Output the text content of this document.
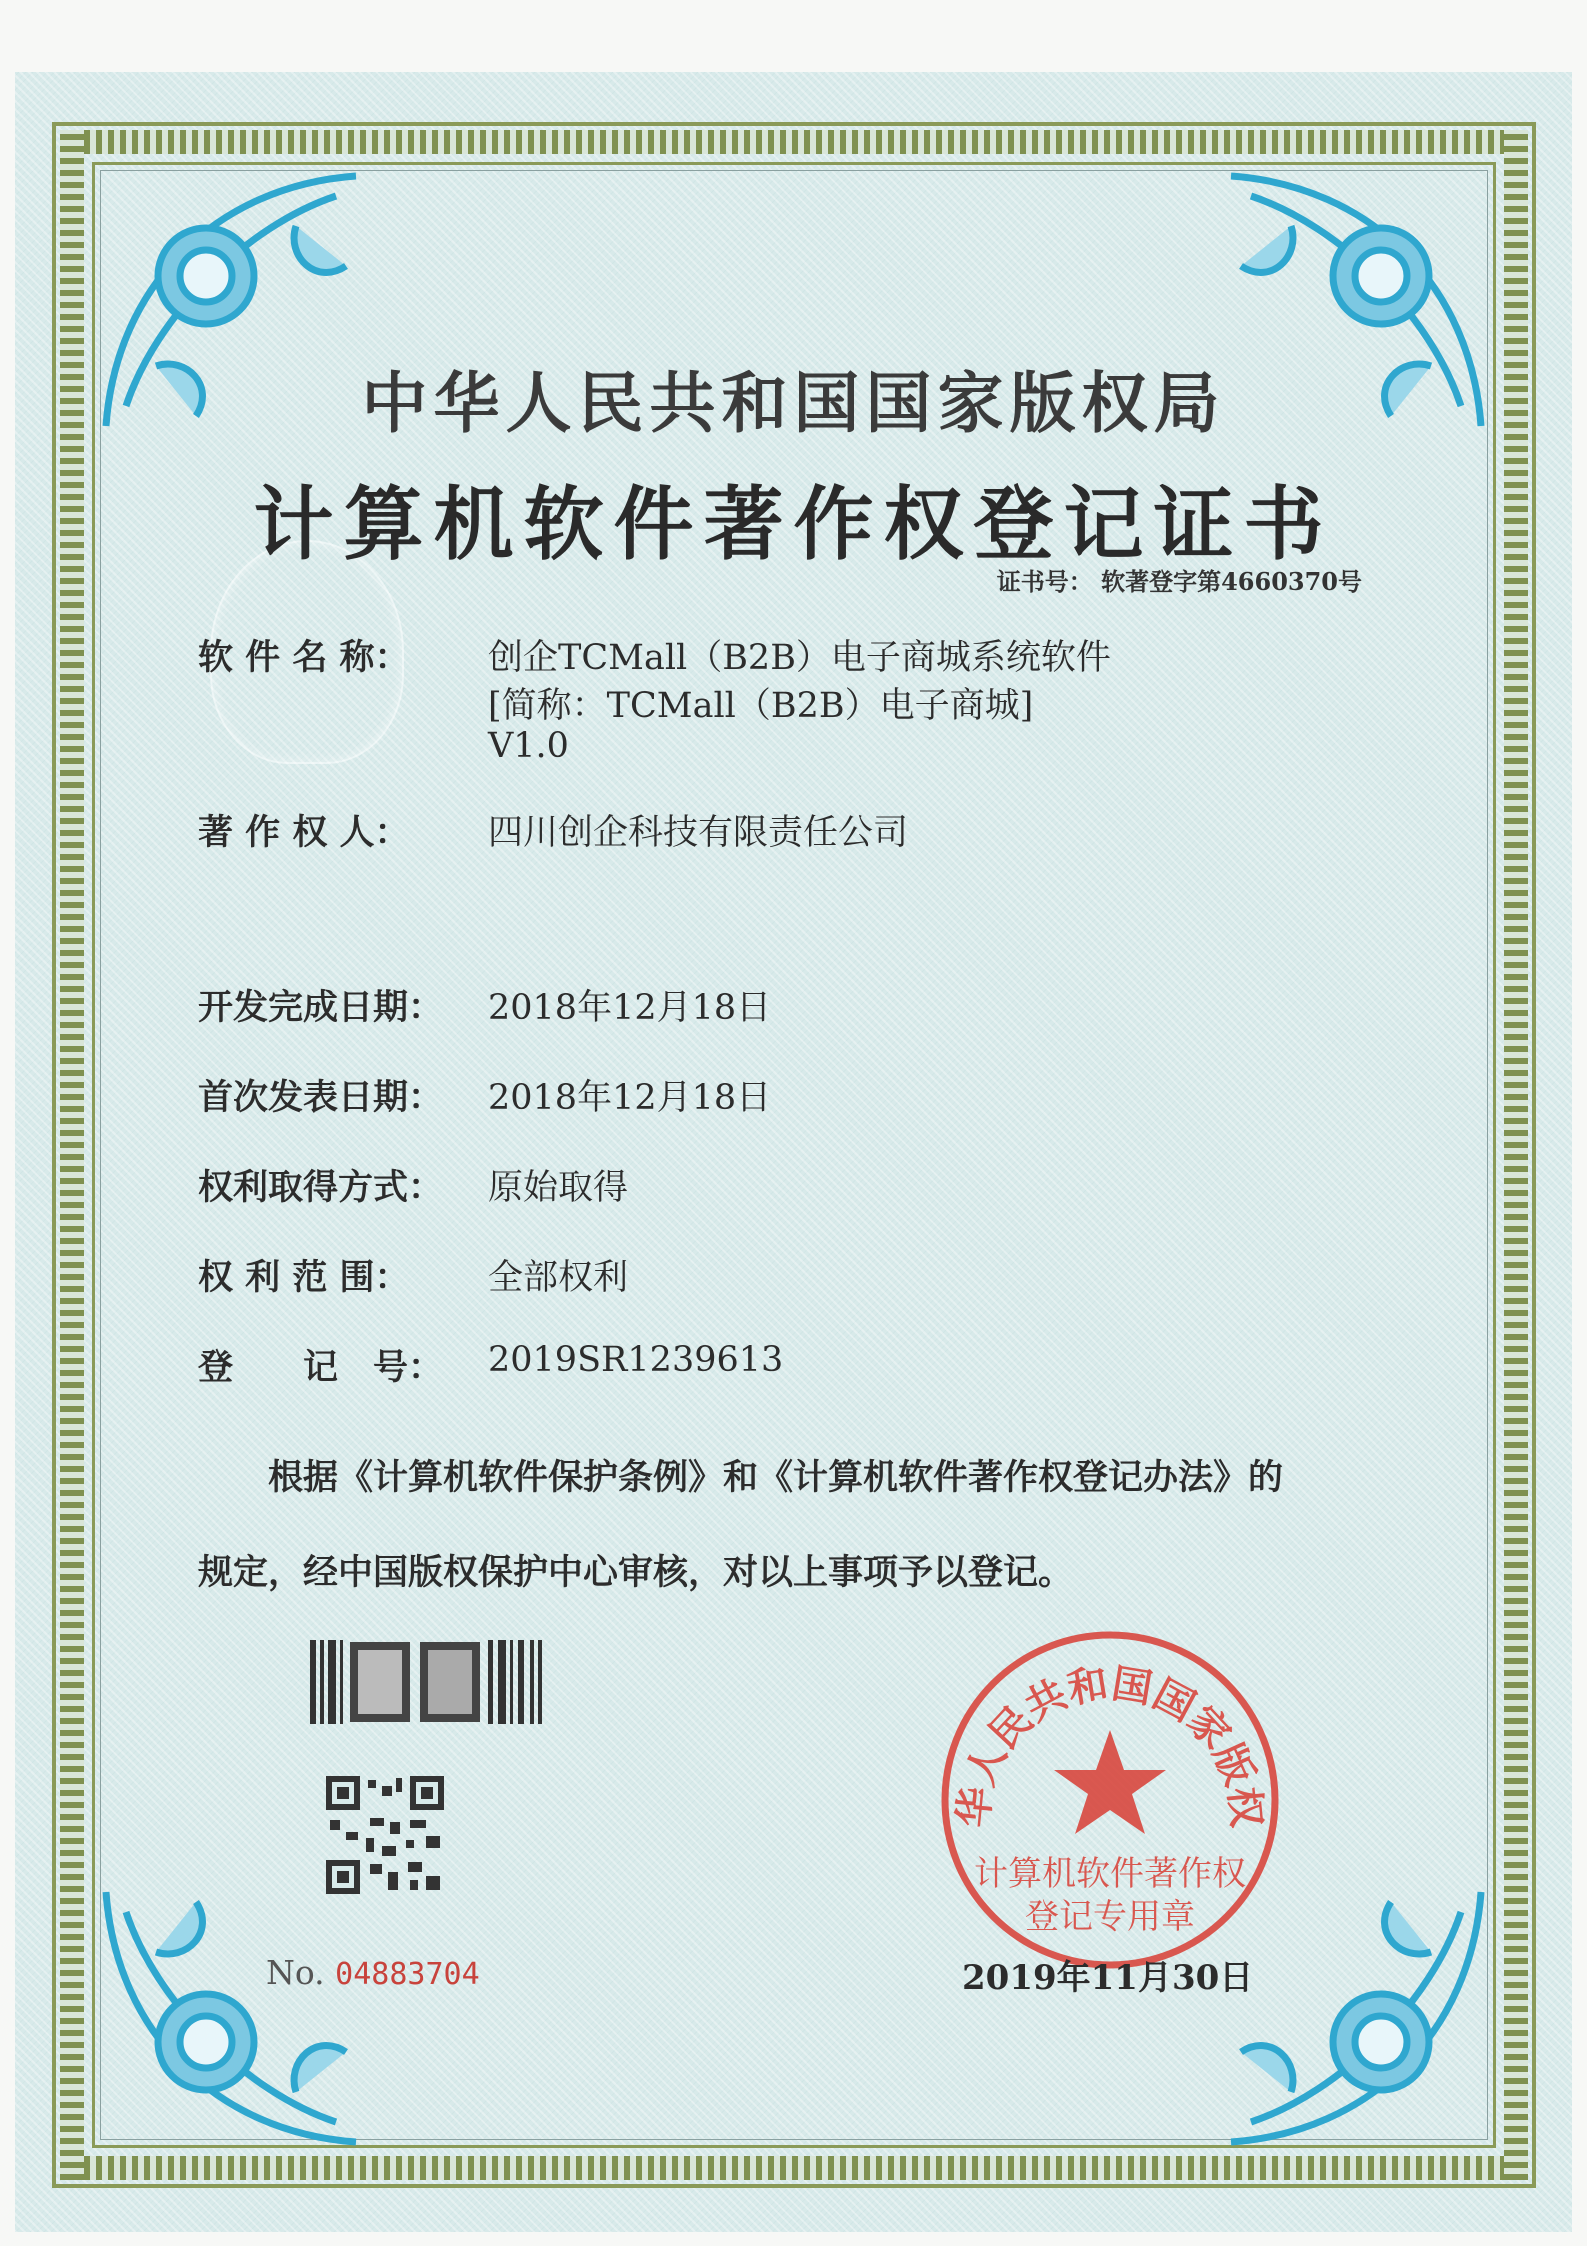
中华人民共和国国家版权局
计算机软件著作权登记证书
证书号： 软著登字第4660370号
软 件 名 称：	创企TCMall（B2B）电子商城系统软件
[简称：TCMall（B2B）电子商城]
V1.0
著 作 权 人：	四川创企科技有限责任公司
开发完成日期：	2018年12月18日
首次发表日期：	2018年12月18日
权利取得方式：	原始取得
权 利 范 围：	全部权利
登　　记　号：	2019SR1239613
根据《计算机软件保护条例》和《计算机软件著作权登记办法》的
规定，经中国版权保护中心审核，对以上事项予以登记。
No. 04883704
华人民共和国国家版权
计算机软件著作权
登记专用章
2019年11月30日
